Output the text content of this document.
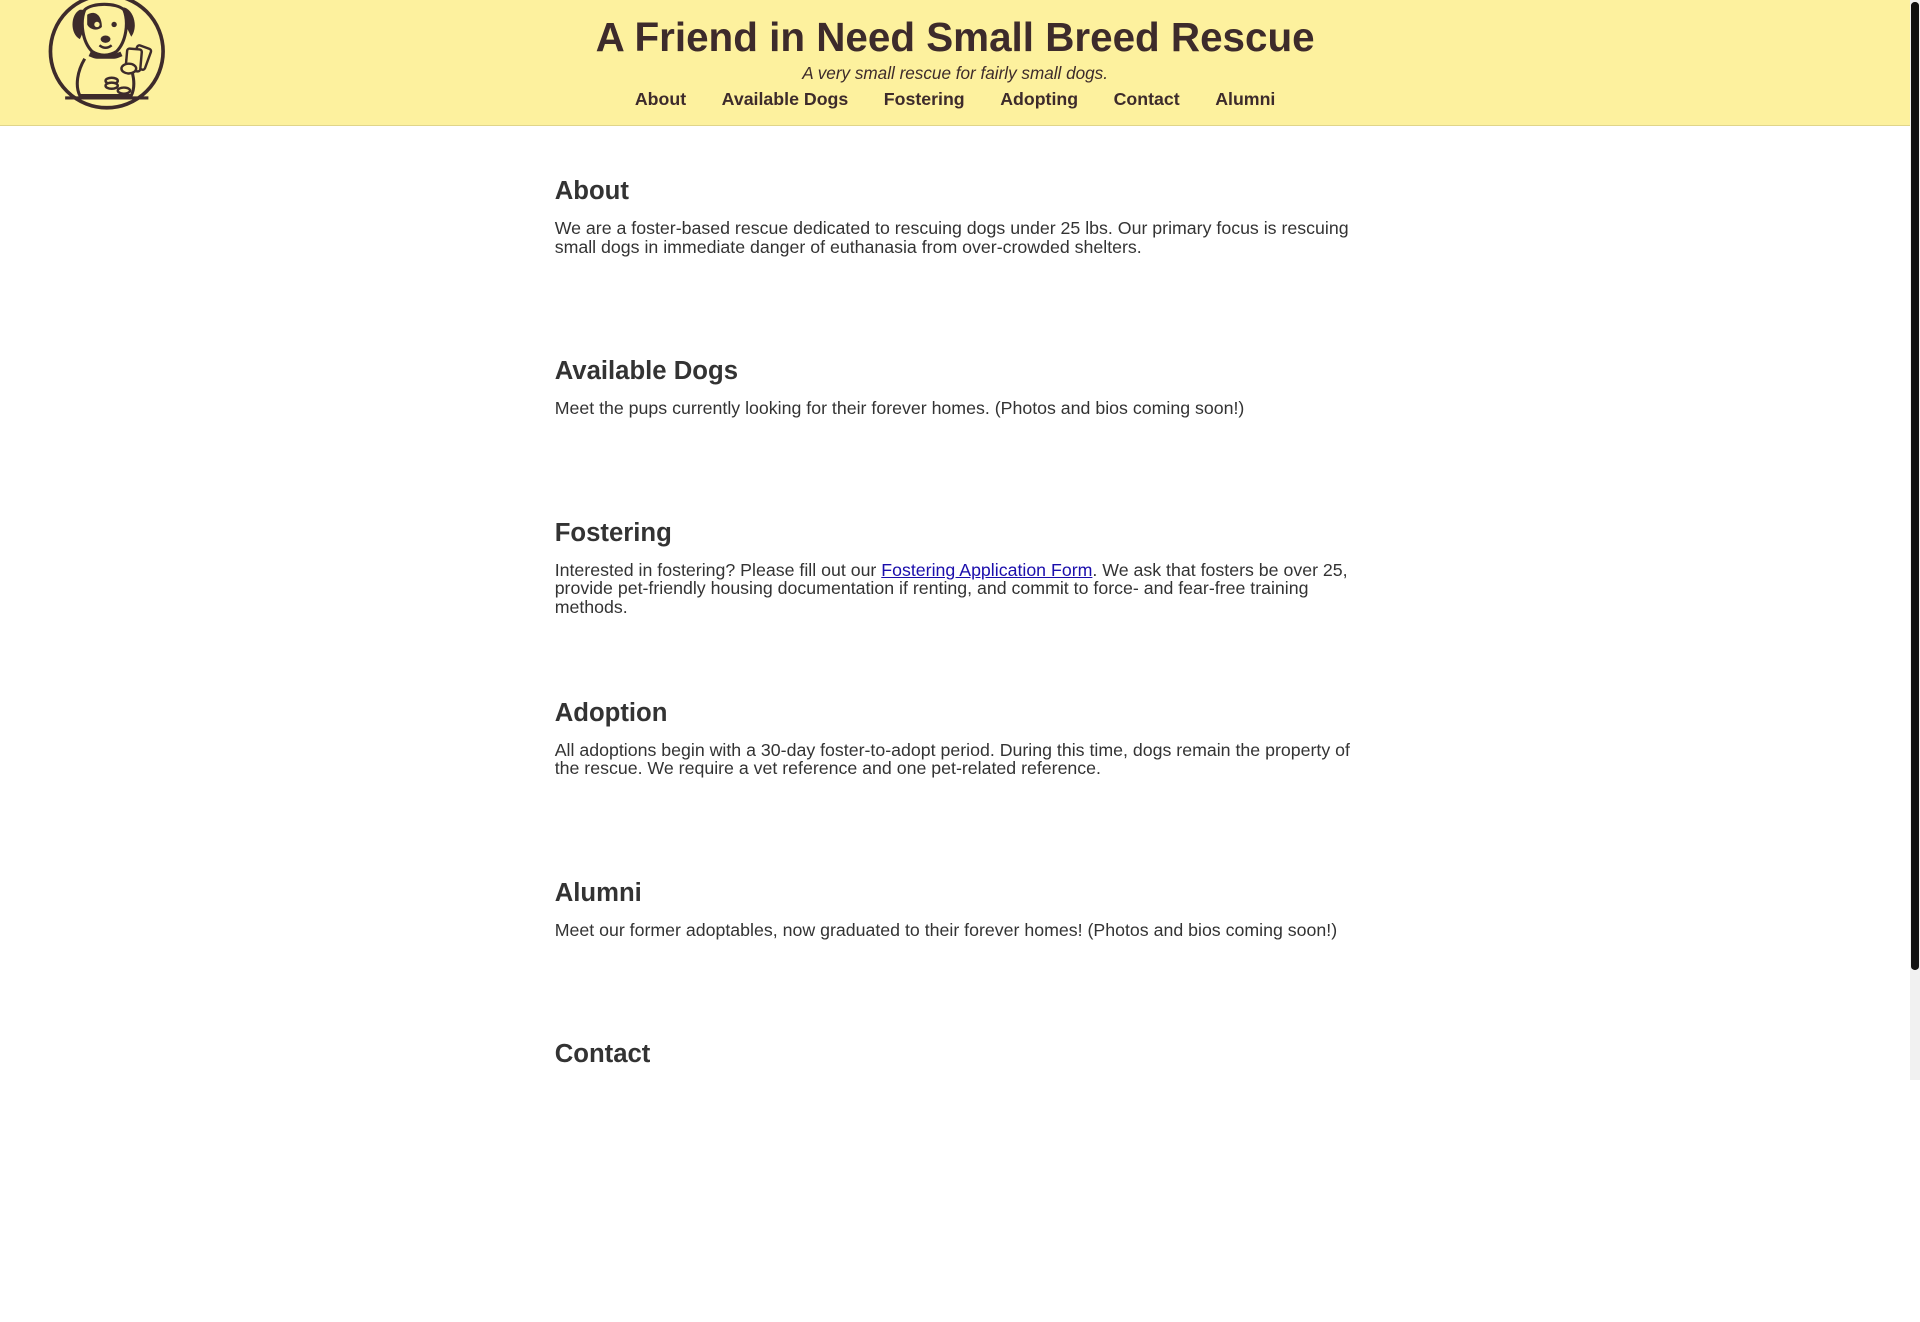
A Friend in Need Small Breed Rescue
A very small rescue for fairly small dogs.
About Available Dogs Fostering Adopting Contact Alumni
About

We are a foster-based rescue dedicated to rescuing dogs under 25 lbs. Our primary focus is rescuing small dogs in immediate danger of euthanasia from over-crowded shelters.

Available Dogs

Meet the pups currently looking for their forever homes. (Photos and bios coming soon!)

Fostering

Interested in fostering? Please fill out our Fostering Application Form. We ask that fosters be over 25, provide pet-friendly housing documentation if renting, and commit to force- and fear-free training methods.

Adoption

All adoptions begin with a 30-day foster-to-adopt period. During this time, dogs remain the property of the rescue. We require a vet reference and one pet-related reference.

Alumni

Meet our former adoptables, now graduated to their forever homes! (Photos and bios coming soon!)

Contact
